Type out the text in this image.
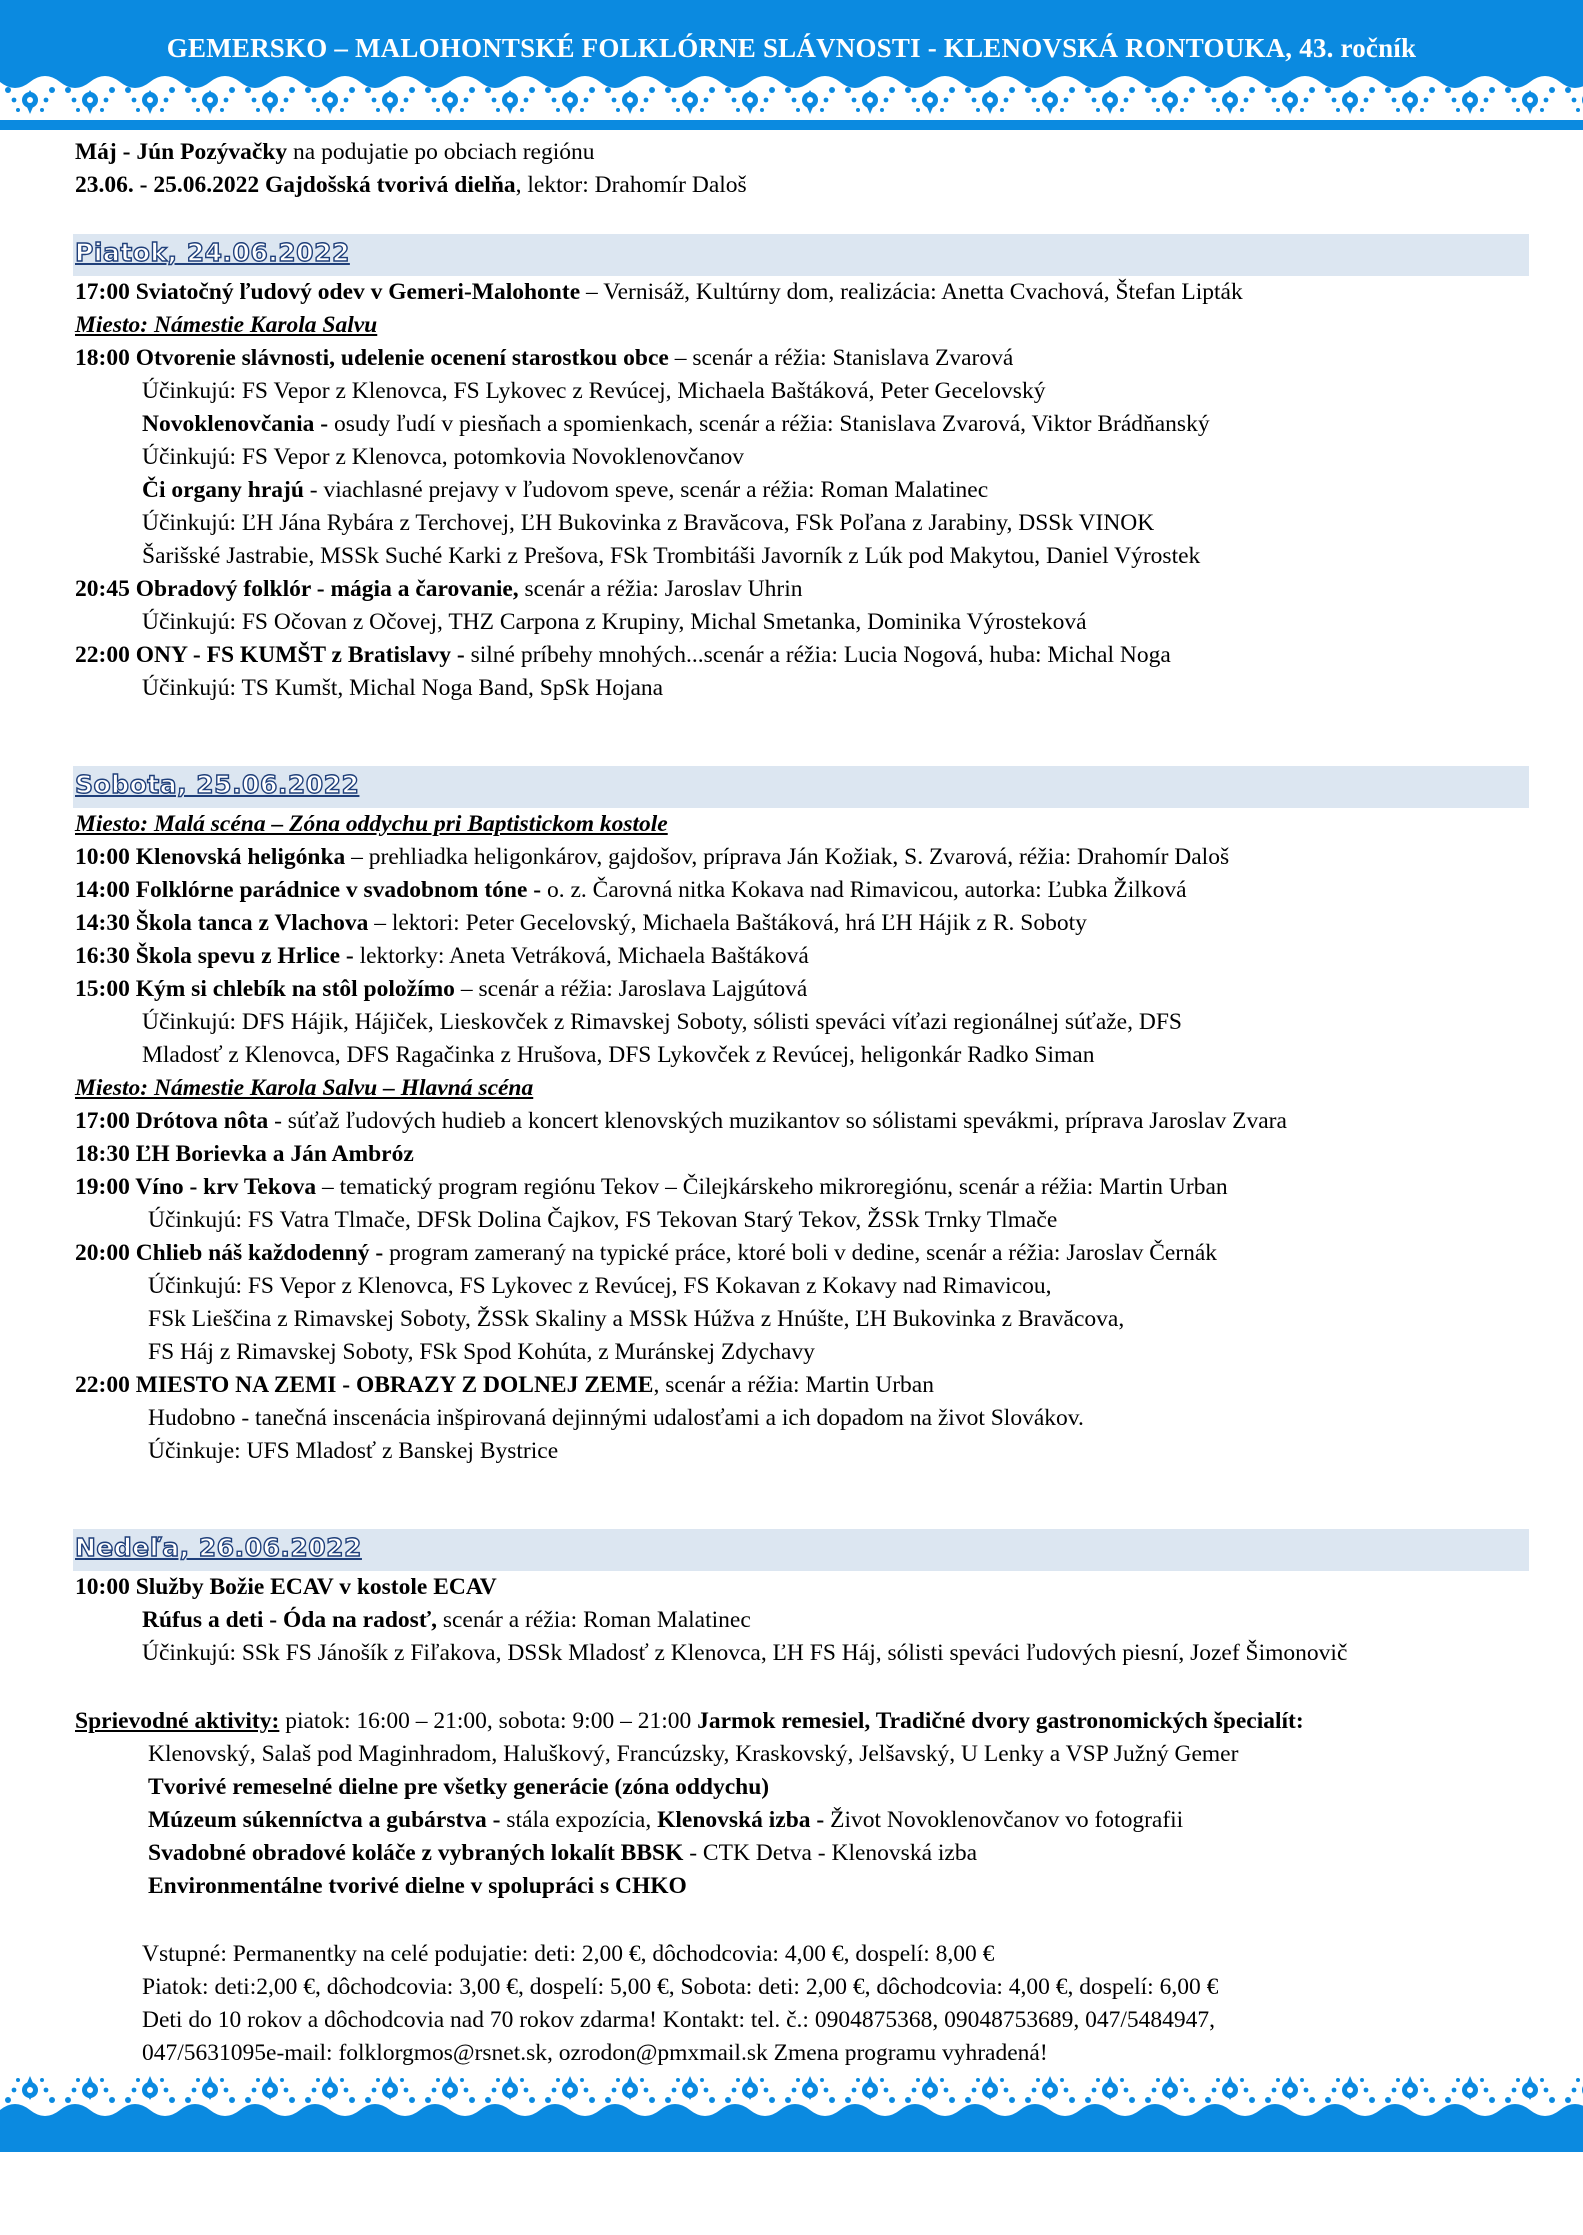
GEMERSKO – MALOHONTSKÉ FOLKLÓRNE SLÁVNOSTI - KLENOVSKÁ RONTOUKA, 43. ročník
Máj - Jún Pozývačky na podujatie po obciach regiónu
23.06. - 25.06.2022 Gajdošská tvorivá dielňa, lektor: Drahomír Daloš
Piatok, 24.06.2022
17:00 Sviatočný ľudový odev v Gemeri-Malohonte – Vernisáž, Kultúrny dom, realizácia: Anetta Cvachová, Štefan Lipták
Miesto: Námestie Karola Salvu
18:00 Otvorenie slávnosti, udelenie ocenení starostkou obce – scenár a réžia: Stanislava Zvarová
Účinkujú: FS Vepor z Klenovca, FS Lykovec z Revúcej, Michaela Baštáková, Peter Gecelovský
Novoklenovčania - osudy ľudí v piesňach a spomienkach, scenár a réžia: Stanislava Zvarová, Viktor Brádňanský
Účinkujú: FS Vepor z Klenovca, potomkovia Novoklenovčanov
Či organy hrajú - viachlasné prejavy v ľudovom speve, scenár a réžia: Roman Malatinec
Účinkujú: ĽH Jána Rybára z Terchovej, ĽH Bukovinka z Bravăcova, FSk Poľana z Jarabiny, DSSk VINOK
Šarišské Jastrabie, MSSk Suché Karki z Prešova, FSk Trombitáši Javorník z Lúk pod Makytou, Daniel Výrostek
20:45 Obradový folklór - mágia a čarovanie, scenár a réžia: Jaroslav Uhrin
Účinkujú: FS Očovan z Očovej, THZ Carpona z Krupiny, Michal Smetanka, Dominika Výrosteková
22:00 ONY - FS KUMŠT z Bratislavy - silné príbehy mnohých...scenár a réžia: Lucia Nogová, huba: Michal Noga
Účinkujú: TS Kumšt, Michal Noga Band, SpSk Hojana
Sobota, 25.06.2022
Miesto: Malá scéna – Zóna oddychu pri Baptistickom kostole
10:00 Klenovská heligónka – prehliadka heligonkárov, gajdošov, príprava Ján Kožiak, S. Zvarová, réžia: Drahomír Daloš
14:00 Folklórne parádnice v svadobnom tóne - o. z. Čarovná nitka Kokava nad Rimavicou, autorka: Ľubka Žilková
14:30 Škola tanca z Vlachova – lektori: Peter Gecelovský, Michaela Baštáková, hrá ĽH Hájik z R. Soboty
16:30 Škola spevu z Hrlice - lektorky: Aneta Vetráková, Michaela Baštáková
15:00 Kým si chlebík na stôl položímo – scenár a réžia: Jaroslava Lajgútová
Účinkujú: DFS Hájik, Hájiček, Lieskovček z Rimavskej Soboty, sólisti speváci víťazi regionálnej súťaže, DFS
Mladosť z Klenovca, DFS Ragačinka z Hrušova, DFS Lykovček z Revúcej, heligonkár Radko Siman
Miesto: Námestie Karola Salvu – Hlavná scéna
17:00 Drótova nôta - súťaž ľudových hudieb a koncert klenovských muzikantov so sólistami spevákmi, príprava Jaroslav Zvara
18:30 ĽH Borievka a Ján Ambróz
19:00 Víno - krv Tekova – tematický program regiónu Tekov – Čilejkárskeho mikroregiónu, scenár a réžia: Martin Urban
Účinkujú: FS Vatra Tlmače, DFSk Dolina Čajkov, FS Tekovan Starý Tekov, ŽSSk Trnky Tlmače
20:00 Chlieb náš každodenný - program zameraný na typické práce, ktoré boli v dedine, scenár a réžia: Jaroslav Černák
Účinkujú: FS Vepor z Klenovca, FS Lykovec z Revúcej, FS Kokavan z Kokavy nad Rimavicou,
FSk Lieščina z Rimavskej Soboty, ŽSSk Skaliny a MSSk Húžva z Hnúšte, ĽH Bukovinka z Bravăcova,
FS Háj z Rimavskej Soboty, FSk Spod Kohúta, z Muránskej Zdychavy
22:00 MIESTO NA ZEMI - OBRAZY Z DOLNEJ ZEME, scenár a réžia: Martin Urban
Hudobno - tanečná inscenácia inšpirovaná dejinnými udalosťami a ich dopadom na život Slovákov.
Účinkuje: UFS Mladosť z Banskej Bystrice
Nedeľa, 26.06.2022
10:00 Služby Božie ECAV v kostole ECAV
Rúfus a deti - Óda na radosť, scenár a réžia: Roman Malatinec
Účinkujú: SSk FS Jánošík z Fiľakova, DSSk Mladosť z Klenovca, ĽH FS Háj, sólisti speváci ľudových piesní, Jozef Šimonovič
Sprievodné aktivity: piatok: 16:00 – 21:00, sobota: 9:00 – 21:00 Jarmok remesiel, Tradičné dvory gastronomických špecialít:
Klenovský, Salaš pod Maginhradom, Haluškový, Francúzsky, Kraskovský, Jelšavský, U Lenky a VSP Južný Gemer
Tvorivé remeselné dielne pre všetky generácie (zóna oddychu)
Múzeum súkenníctva a gubárstva - stála expozícia, Klenovská izba - Život Novoklenovčanov vo fotografii
Svadobné obradové koláče z vybraných lokalít BBSK - CTK Detva - Klenovská izba
Environmentálne tvorivé dielne v spolupráci s CHKO
Vstupné: Permanentky na celé podujatie: deti: 2,00 €, dôchodcovia: 4,00 €, dospelí: 8,00 €
Piatok: deti:2,00 €, dôchodcovia: 3,00 €, dospelí: 5,00 €, Sobota: deti: 2,00 €, dôchodcovia: 4,00 €, dospelí: 6,00 €
Deti do 10 rokov a dôchodcovia nad 70 rokov zdarma! Kontakt: tel. č.: 0904875368, 09048753689, 047/5484947,
047/5631095e-mail: folklorgmos@rsnet.sk, ozrodon@pmxmail.sk Zmena programu vyhradená!
